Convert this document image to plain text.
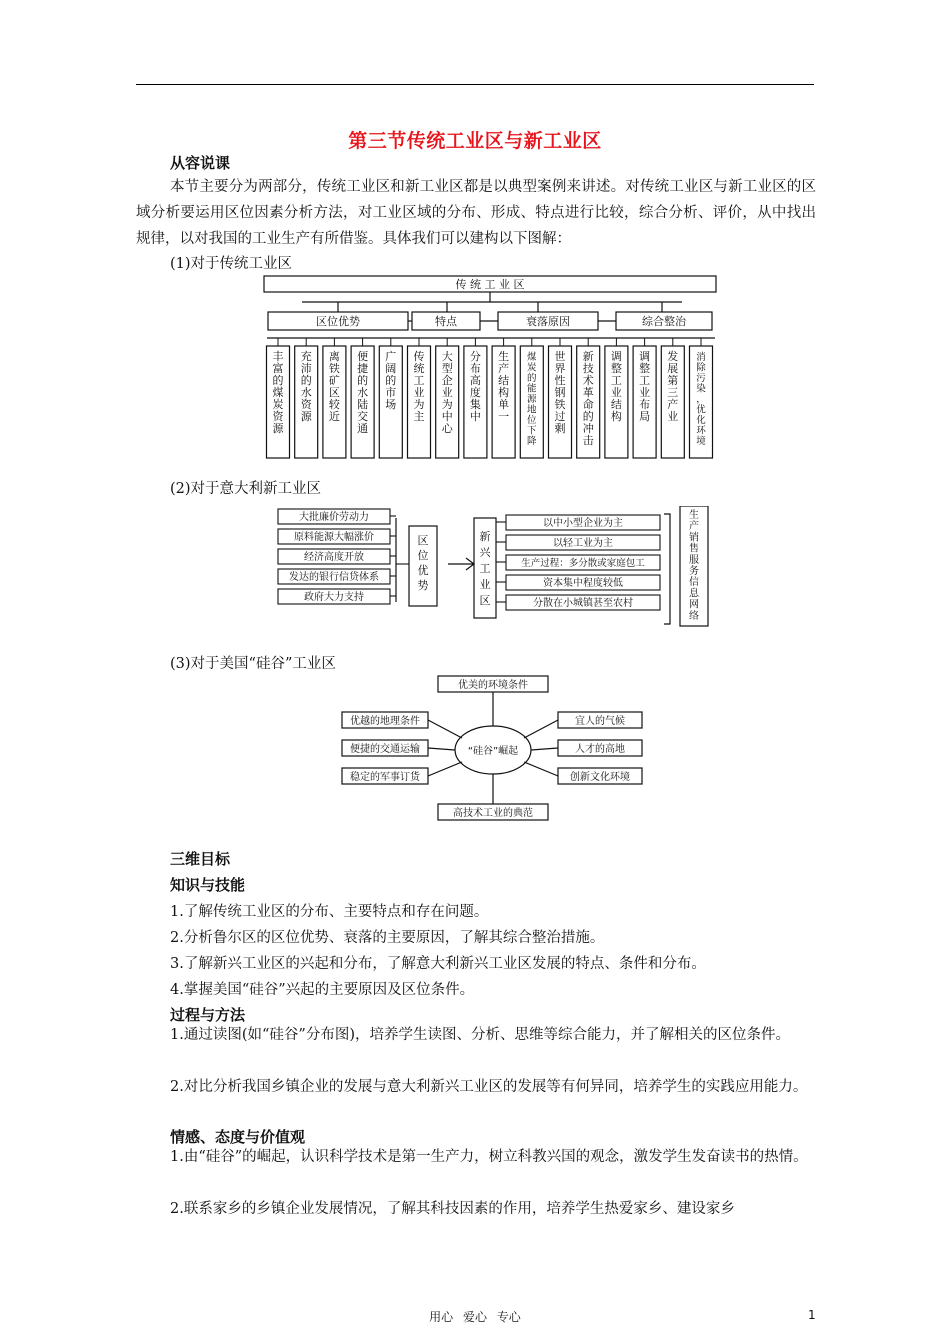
第三节传统工业区与新工业区
从容说课
本节主要分为两部分，传统工业区和新工业区都是以典型案例来讲述。对传统工业区与新工业区的区域分析要运用区位因素分析方法，对工业区域的分布、形成、特点进行比较，综合分析、评价，从中找出规律，以对我国的工业生产有所借鉴。具体我们可以建构以下图解：
(1)对于传统工业区
区位优势	特点	衰落原因	综合整治
丰富的煤炭资源
充沛的水资源
离铁矿区较近
便捷的水陆交通
广阔的市场
传统工业为主
大型企业为中心
分布高度集中
生产结构单一
煤炭的能源地位下降
世界性钢铁过剩
新技术革命的冲击
调整工业结构
调整工业布局
发展第三产业
消除污染，优化环境
传 统 工 业 区
(2)对于意大利新工业区
大批廉价劳动力
原料能源大幅涨价
经济高度开放
发达的银行信贷体系
政府大力支持
以中小型企业为主
以轻工业为主
生产过程：多分散或家庭包工
资本集中程度较低
分散在小城镇甚至农村
区位优势
新兴工业区
生产销售服务信息网络
(3)对于美国“硅谷”工业区
“硅谷”崛起
优美的环境条件
高技术工业的典范
优越的地理条件
便捷的交通运输
稳定的军事订货
宜人的气候
人才的高地
创新文化环境
三维目标
知识与技能
1.了解传统工业区的分布、主要特点和存在问题。
2.分析鲁尔区的区位优势、衰落的主要原因，了解其综合整治措施。
3.了解新兴工业区的兴起和分布，了解意大利新兴工业区发展的特点、条件和分布。
4.掌握美国“硅谷”兴起的主要原因及区位条件。
过程与方法
1.通过读图(如“硅谷”分布图)，培养学生读图、分析、思维等综合能力，并了解相关的区位条件。
2.对比分析我国乡镇企业的发展与意大利新兴工业区的发展等有何异同，培养学生的实践应用能力。
情感、态度与价值观
1.由“硅谷”的崛起，认识科学技术是第一生产力，树立科教兴国的观念，激发学生发奋读书的热情。
2.联系家乡的乡镇企业发展情况，了解其科技因素的作用，培养学生热爱家乡、建设家乡
用心 爱心 专心	1
